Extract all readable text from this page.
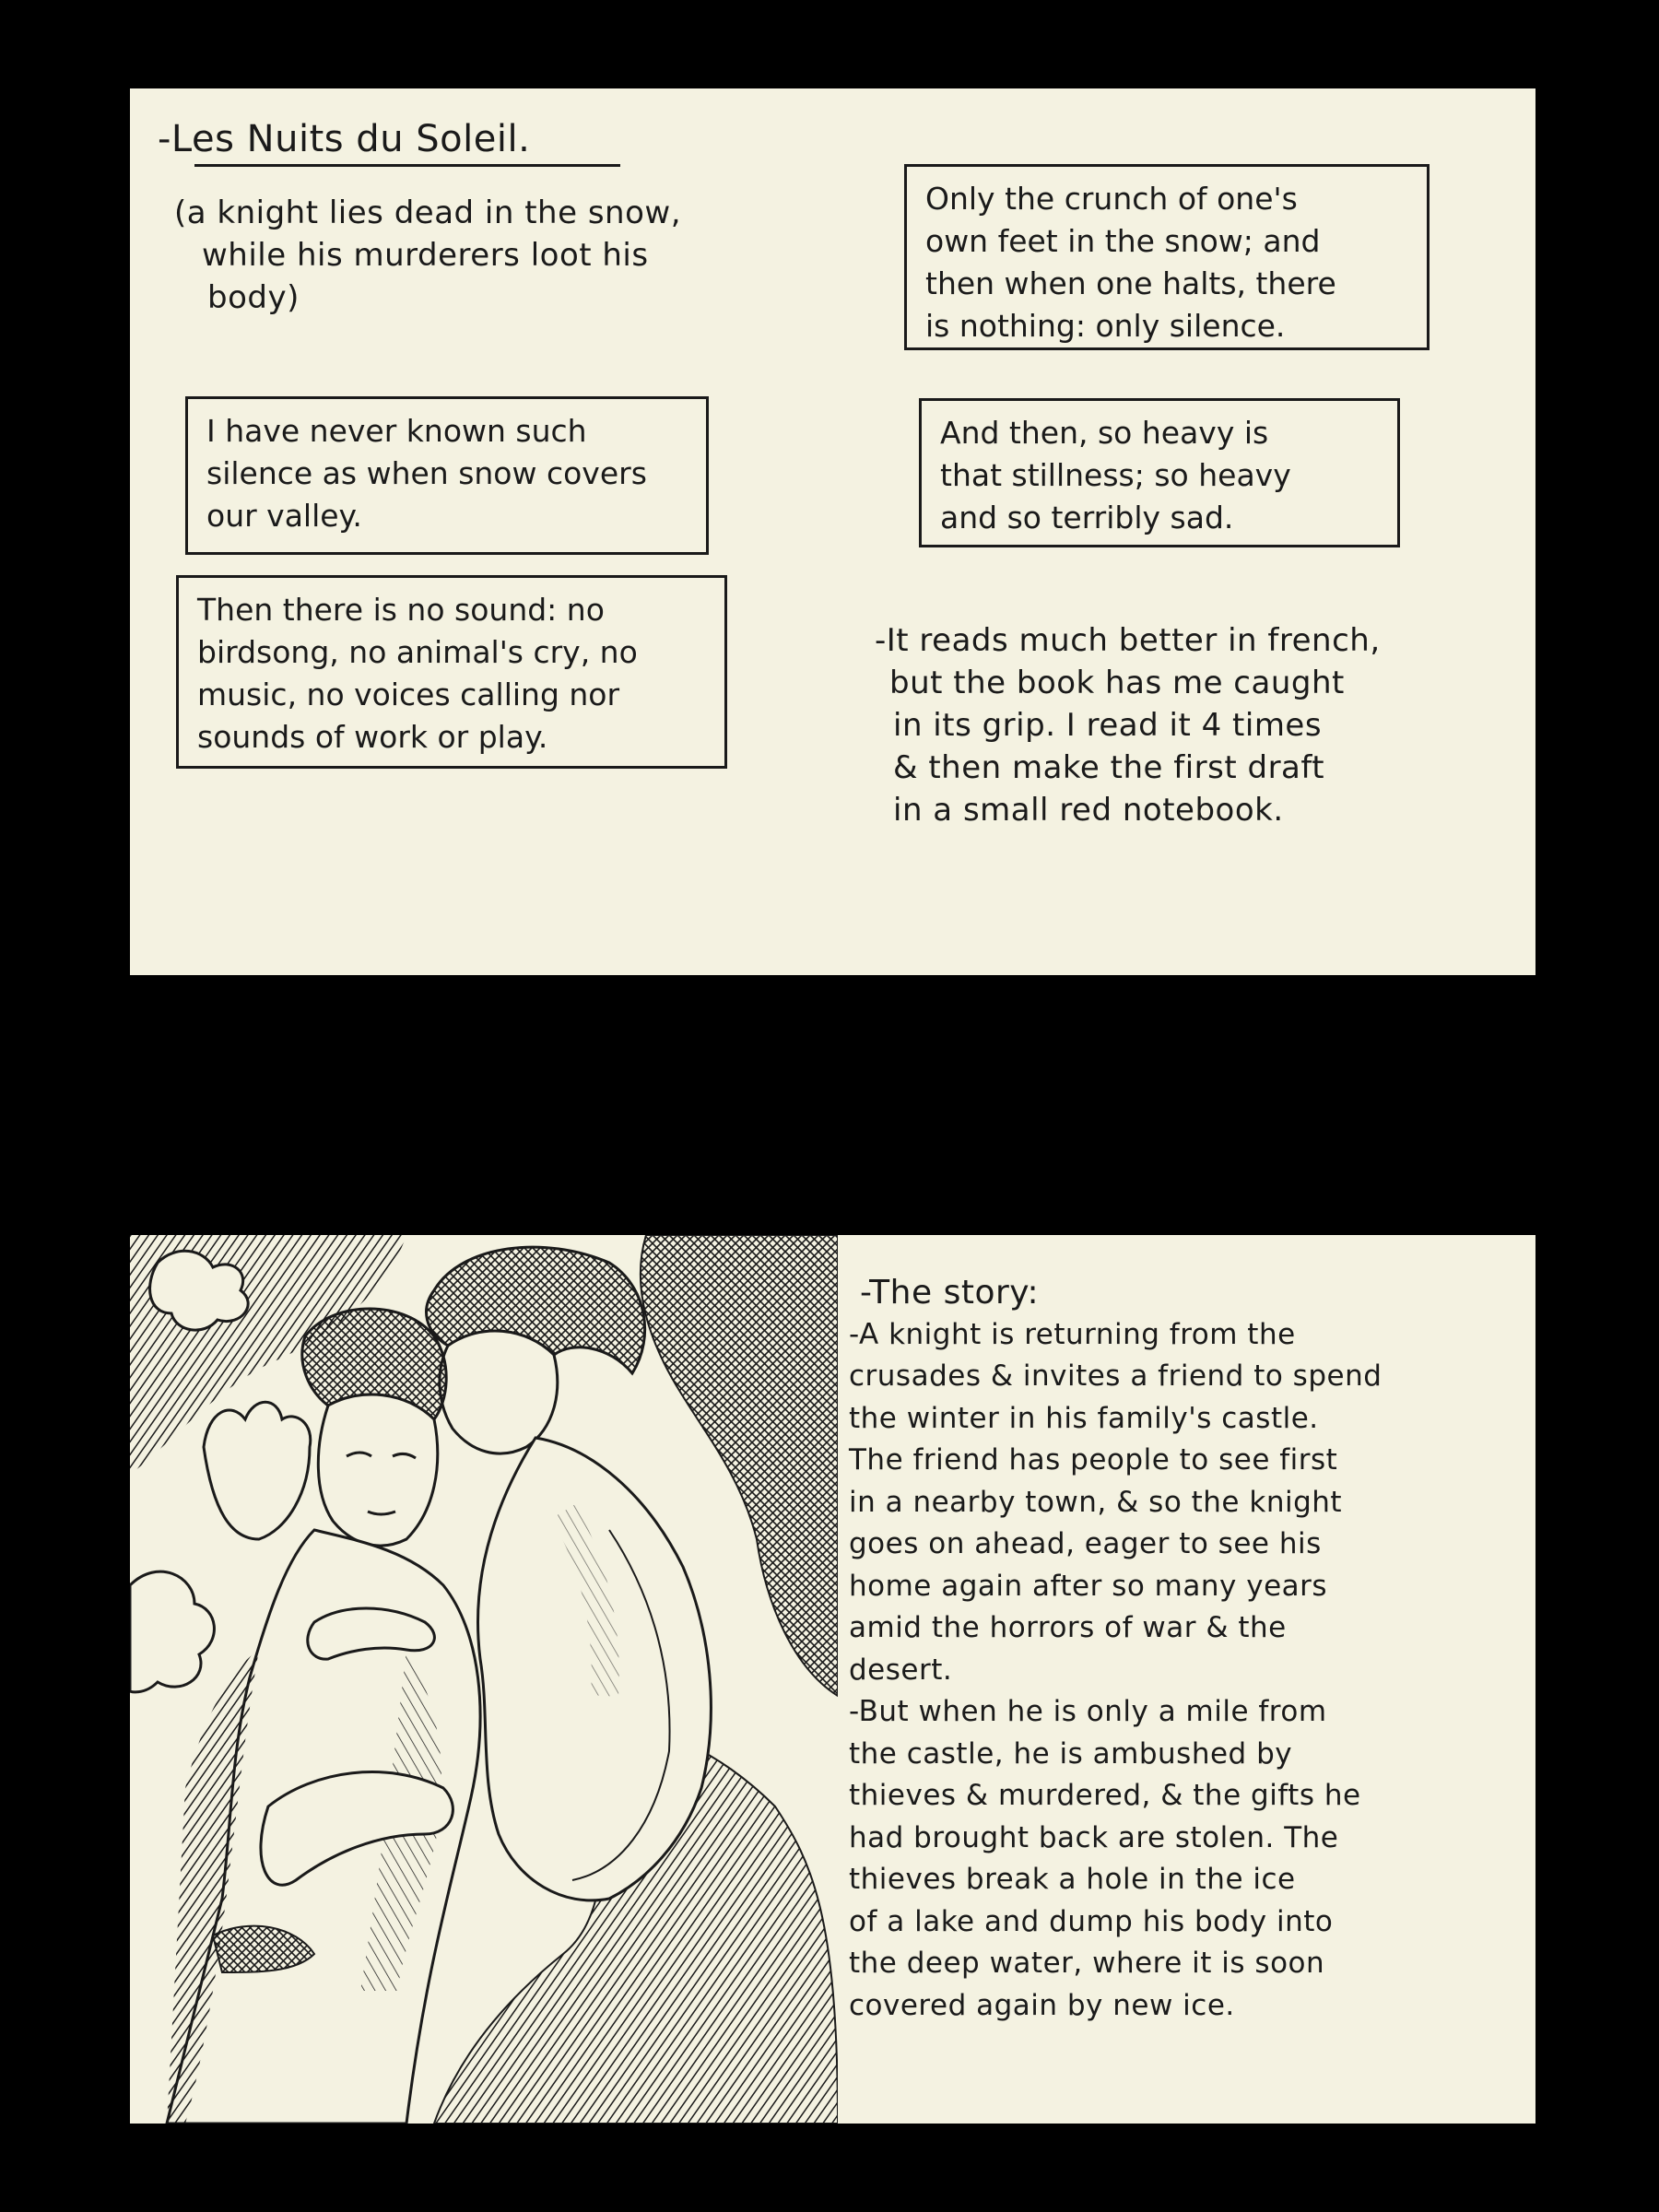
-Les Nuits du Soleil.
(a knight lies dead in the snow,
while his murderers loot his
body)
I have never known such
silence as when snow covers
our valley.
Then there is no sound: no
birdsong, no animal's cry, no
music, no voices calling nor
sounds of work or play.
Only the crunch of one's
own feet in the snow; and
then when one halts, there
is nothing: only silence.
And then, so heavy is
that stillness; so heavy
and so terribly sad.
-It reads much better in french,
but the book has me caught
in its grip. I read it 4 times
& then make the first draft
in a small red notebook.
-The story:
-A knight is returning from the
crusades & invites a friend to spend
the winter in his family's castle.
The friend has people to see first
in a nearby town, & so the knight
goes on ahead, eager to see his
home again after so many years
amid the horrors of war & the
desert.
-But when he is only a mile from
the castle, he is ambushed by
thieves & murdered, & the gifts he
had brought back are stolen. The
thieves break a hole in the ice
of a lake and dump his body into
the deep water, where it is soon
covered again by new ice.
